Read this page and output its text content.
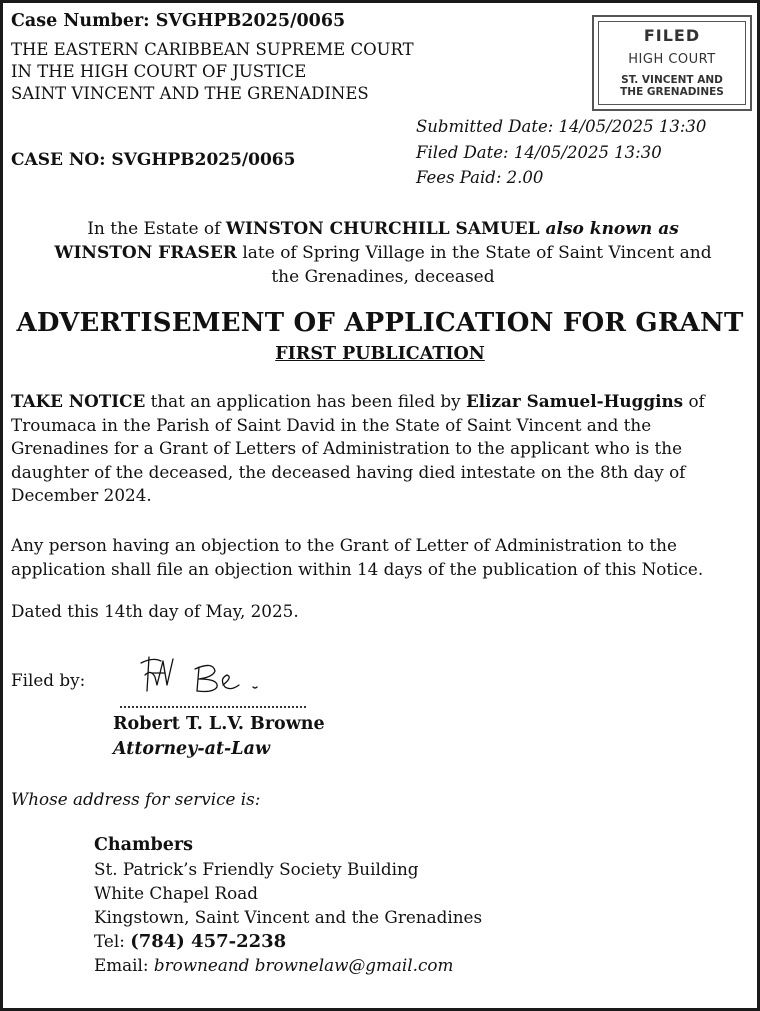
Case Number: SVGHPB2025/0065
THE EASTERN CARIBBEAN SUPREME COURT
IN THE HIGH COURT OF JUSTICE
SAINT VINCENT AND THE GRENADINES
FILED
HIGH COURT
ST. VINCENT AND
THE GRENADINES
Submitted Date: 14/05/2025 13:30
Filed Date: 14/05/2025 13:30
Fees Paid: 2.00
CASE NO: SVGHPB2025/0065
In the Estate of WINSTON CHURCHILL SAMUEL also known as WINSTON FRASER late of Spring Village in the State of Saint Vincent and the Grenadines, deceased
ADVERTISEMENT OF APPLICATION FOR GRANT
FIRST PUBLICATION
TAKE NOTICE that an application has been filed by Elizar Samuel-Huggins of Troumaca in the Parish of Saint David in the State of Saint Vincent and the Grenadines for a Grant of Letters of Administration to the applicant who is the daughter of the deceased, the deceased having died intestate on the 8th day of December 2024.
Any person having an objection to the Grant of Letter of Administration to the application shall file an objection within 14 days of the publication of this Notice.
Dated this 14th day of May, 2025.
Filed by:
Robert T. L.V. Browne
Attorney-at-Law
Whose address for service is:
Chambers
St. Patrick’s Friendly Society Building
White Chapel Road
Kingstown, Saint Vincent and the Grenadines
Tel: (784) 457-2238
Email: browneand brownelaw@gmail.com
